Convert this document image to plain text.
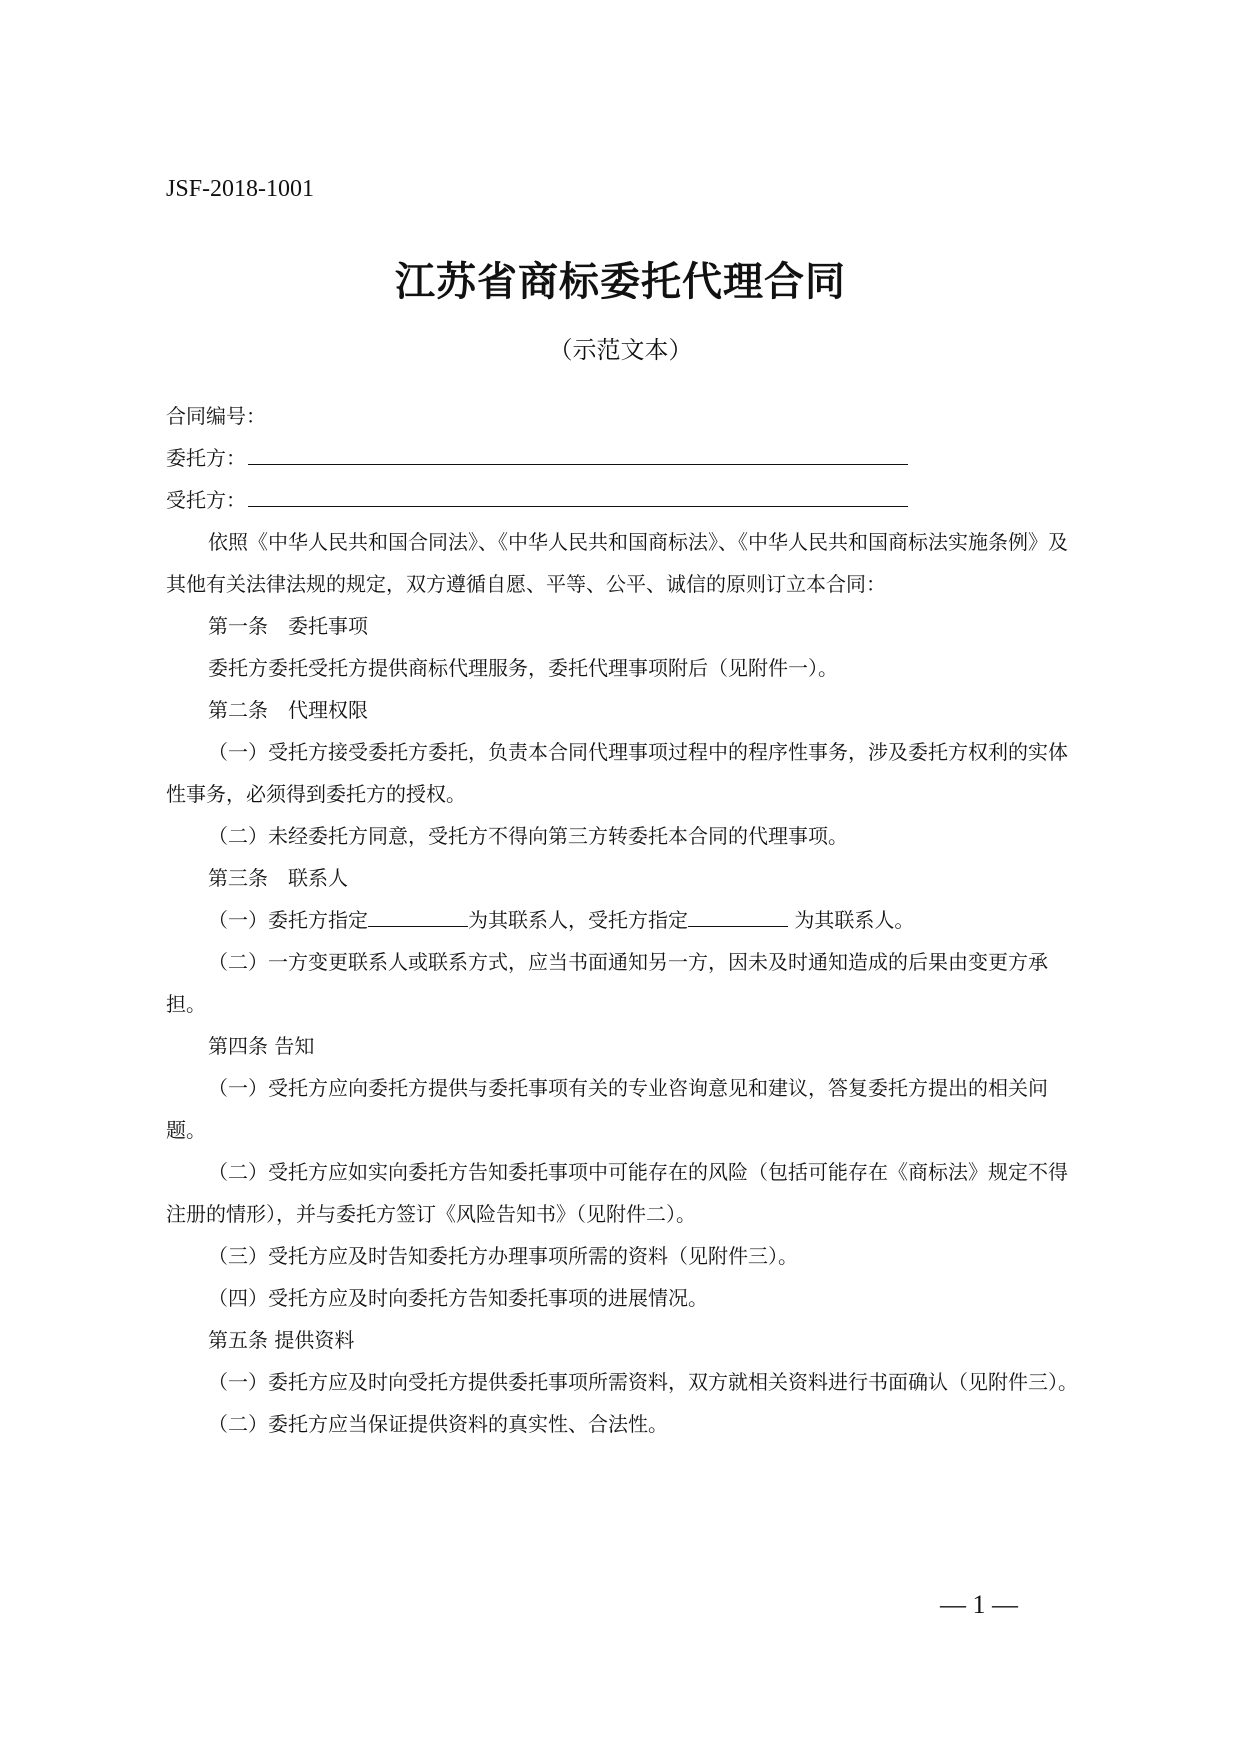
JSF-2018-1001
江苏省商标委托代理合同
（示范文本）
合同编号：
委托方：
受托方：
依照《中华人民共和国合同法》、《中华人民共和国商标法》、《中华人民共和国商标法实施条例》及其他有关法律法规的规定，双方遵循自愿、平等、公平、诚信的原则订立本合同：
第一条　委托事项
委托方委托受托方提供商标代理服务，委托代理事项附后（见附件一）。
第二条　代理权限
（一）受托方接受委托方委托，负责本合同代理事项过程中的程序性事务，涉及委托方权利的实体性事务，必须得到委托方的授权。
（二）未经委托方同意，受托方不得向第三方转委托本合同的代理事项。
第三条　联系人
（一）委托方指定	为其联系人，受托方指定	为其联系人。
（二）一方变更联系人或联系方式，应当书面通知另一方，因未及时通知造成的后果由变更方承担。
第四条 告知
（一）受托方应向委托方提供与委托事项有关的专业咨询意见和建议，答复委托方提出的相关问题。
（二）受托方应如实向委托方告知委托事项中可能存在的风险（包括可能存在《商标法》规定不得注册的情形），并与委托方签订《风险告知书》（见附件二）。
（三）受托方应及时告知委托方办理事项所需的资料（见附件三）。
（四）受托方应及时向委托方告知委托事项的进展情况。
第五条 提供资料
（一）委托方应及时向受托方提供委托事项所需资料，双方就相关资料进行书面确认（见附件三）。
（二）委托方应当保证提供资料的真实性、合法性。
— 1 —
